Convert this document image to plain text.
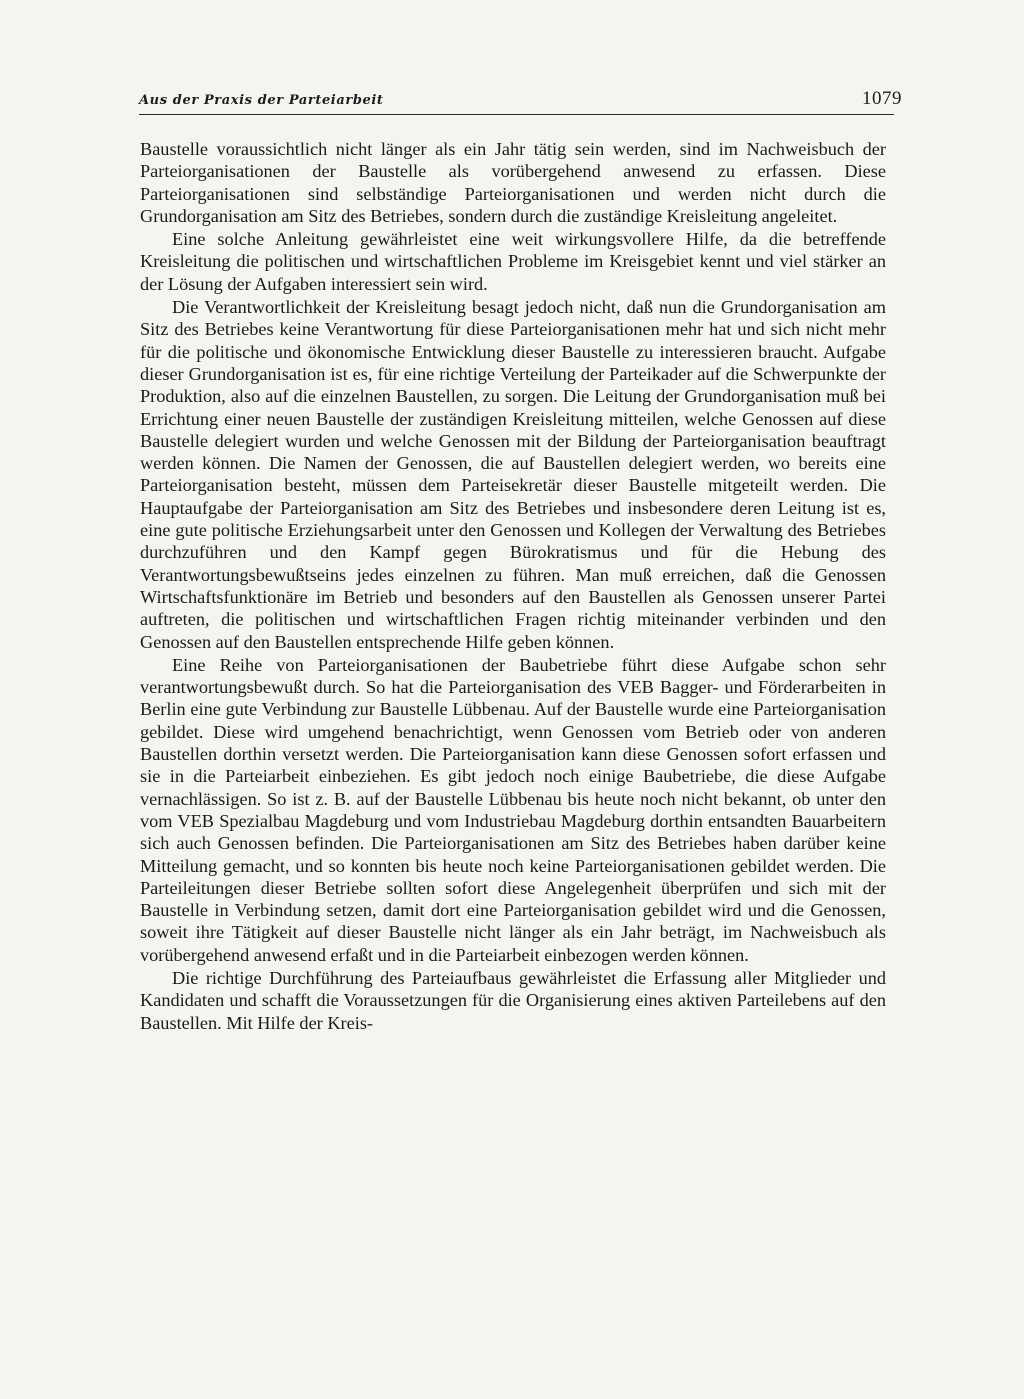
Aus der Praxis der Parteiarbeit	1079

Baustelle voraussichtlich nicht länger als ein Jahr tätig sein werden, sind im Nachweisbuch der Parteiorganisationen der Baustelle als vorübergehend anwesend zu erfassen. Diese Parteiorganisationen sind selbständige Parteiorganisationen und werden nicht durch die Grundorganisation am Sitz des Betriebes, sondern durch die zuständige Kreisleitung angeleitet.

Eine solche Anleitung gewährleistet eine weit wirkungsvollere Hilfe, da die betreffende Kreisleitung die politischen und wirtschaftlichen Probleme im Kreisgebiet kennt und viel stärker an der Lösung der Aufgaben interessiert sein wird.

Die Verantwortlichkeit der Kreisleitung besagt jedoch nicht, daß nun die Grundorganisation am Sitz des Betriebes keine Verantwortung für diese Parteiorganisationen mehr hat und sich nicht mehr für die politische und ökonomische Entwicklung dieser Baustelle zu interessieren braucht. Aufgabe dieser Grundorganisation ist es, für eine richtige Verteilung der Parteikader auf die Schwerpunkte der Produktion, also auf die einzelnen Baustellen, zu sorgen. Die Leitung der Grundorganisation muß bei Errichtung einer neuen Baustelle der zuständigen Kreisleitung mitteilen, welche Genossen auf diese Baustelle delegiert wurden und welche Genossen mit der Bildung der Parteiorganisation beauftragt werden können. Die Namen der Genossen, die auf Baustellen delegiert werden, wo bereits eine Parteiorganisation besteht, müssen dem Parteisekretär dieser Baustelle mitgeteilt werden. Die Hauptaufgabe der Parteiorganisation am Sitz des Betriebes und insbesondere deren Leitung ist es, eine gute politische Erziehungsarbeit unter den Genossen und Kollegen der Verwaltung des Betriebes durchzuführen und den Kampf gegen Bürokratismus und für die Hebung des Verantwortungsbewußtseins jedes einzelnen zu führen. Man muß erreichen, daß die Genossen Wirtschaftsfunktionäre im Betrieb und besonders auf den Baustellen als Genossen unserer Partei auftreten, die politischen und wirtschaftlichen Fragen richtig miteinander verbinden und den Genossen auf den Baustellen entsprechende Hilfe geben können.

Eine Reihe von Parteiorganisationen der Baubetriebe führt diese Aufgabe schon sehr verantwortungsbewußt durch. So hat die Parteiorganisation des VEB Bagger- und Förderarbeiten in Berlin eine gute Verbindung zur Baustelle Lübbenau. Auf der Baustelle wurde eine Parteiorganisation gebildet. Diese wird umgehend benachrichtigt, wenn Genossen vom Betrieb oder von anderen Baustellen dorthin versetzt werden. Die Parteiorganisation kann diese Genossen sofort erfassen und sie in die Parteiarbeit einbeziehen. Es gibt jedoch noch einige Baubetriebe, die diese Aufgabe vernachlässigen. So ist z. B. auf der Baustelle Lübbenau bis heute noch nicht bekannt, ob unter den vom VEB Spezialbau Magdeburg und vom Industriebau Magdeburg dorthin entsandten Bauarbeitern sich auch Genossen befinden. Die Parteiorganisationen am Sitz des Betriebes haben darüber keine Mitteilung gemacht, und so konnten bis heute noch keine Parteiorganisationen gebildet werden. Die Parteileitungen dieser Betriebe sollten sofort diese Angelegenheit überprüfen und sich mit der Baustelle in Verbindung setzen, damit dort eine Parteiorganisation gebildet wird und die Genossen, soweit ihre Tätigkeit auf dieser Baustelle nicht länger als ein Jahr beträgt, im Nachweisbuch als vorübergehend anwesend erfaßt und in die Parteiarbeit einbezogen werden können.

Die richtige Durchführung des Parteiaufbaus gewährleistet die Erfassung aller Mitglieder und Kandidaten und schafft die Voraussetzungen für die Organisierung eines aktiven Parteilebens auf den Baustellen. Mit Hilfe der Kreis-
